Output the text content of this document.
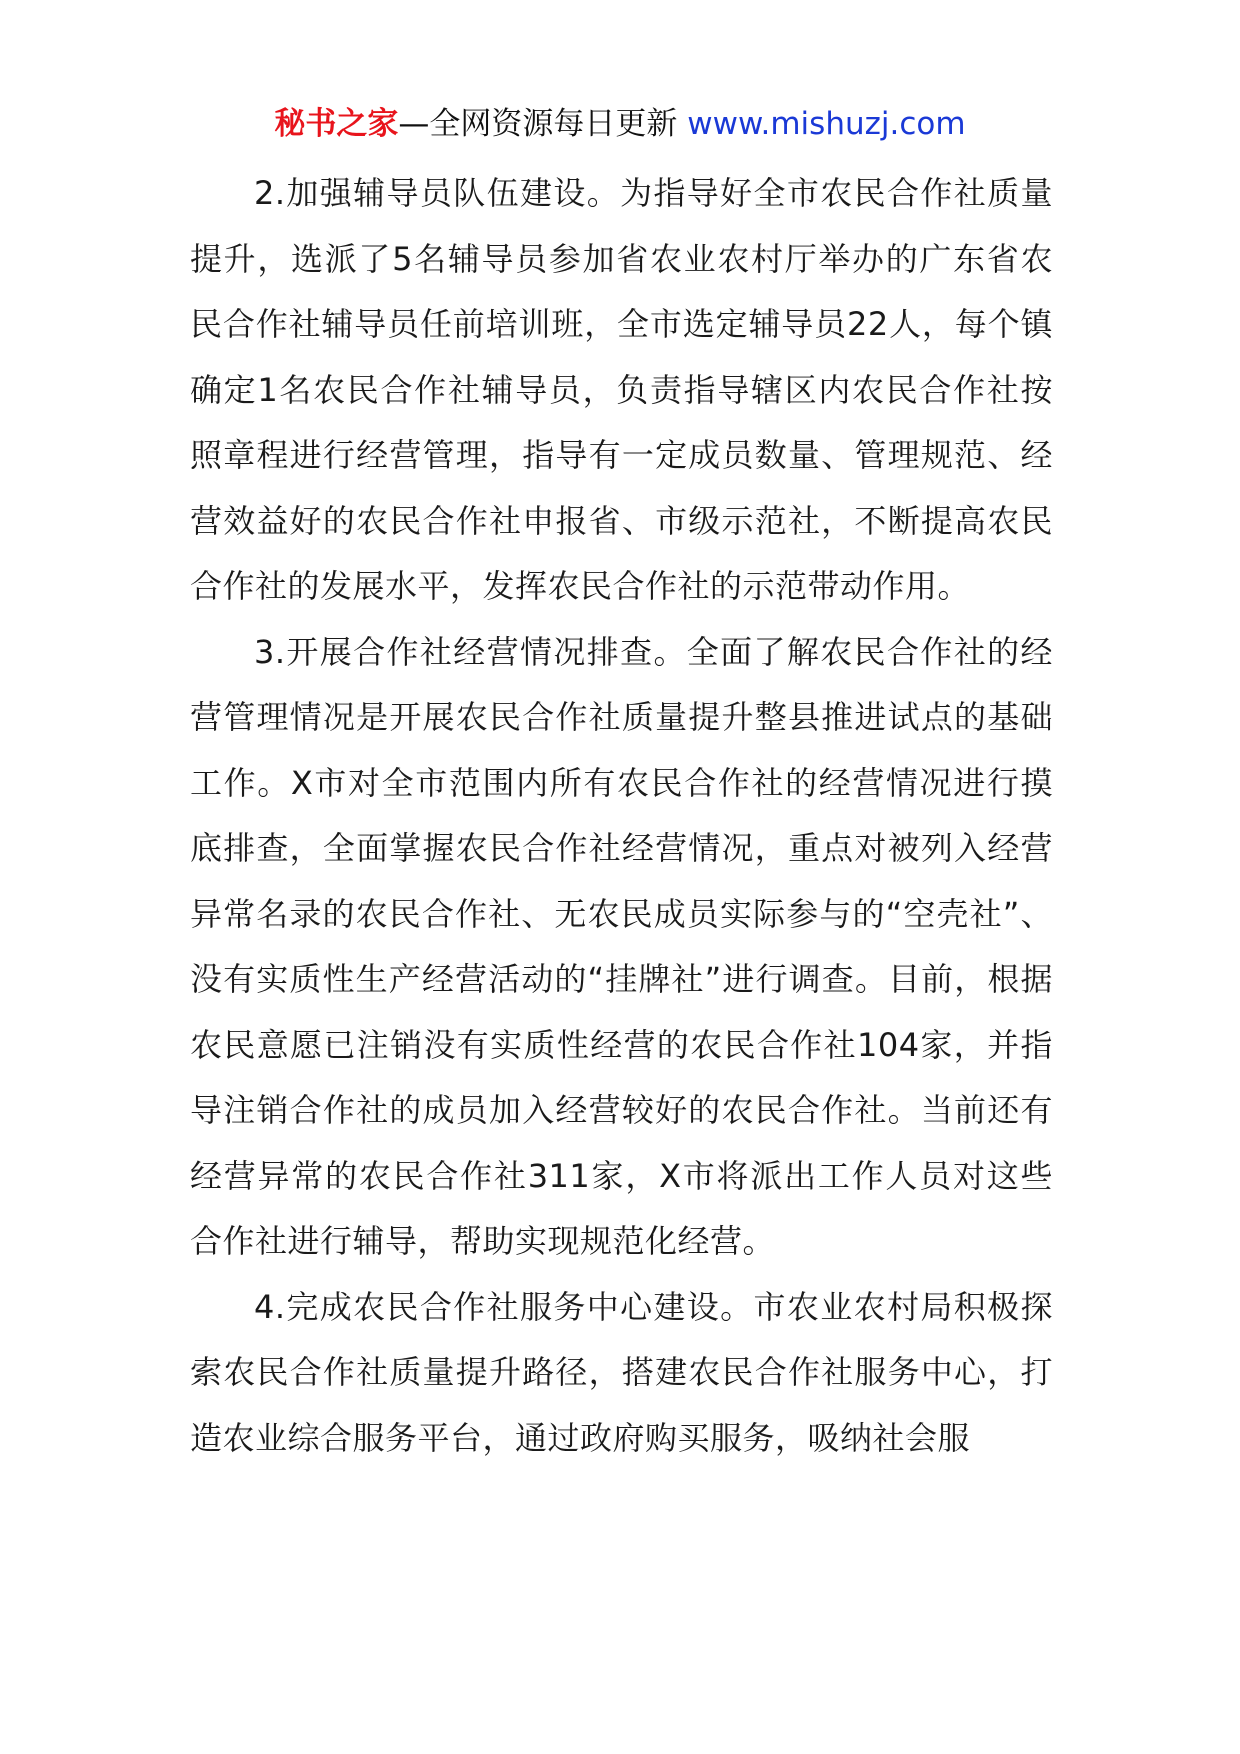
秘书之家—全网资源每日更新 www.mishuzj.com

2.加强辅导员队伍建设。为指导好全市农民合作社质量提升，选派了5名辅导员参加省农业农村厅举办的广东省农民合作社辅导员任前培训班，全市选定辅导员22人，每个镇确定1名农民合作社辅导员，负责指导辖区内农民合作社按照章程进行经营管理，指导有一定成员数量、管理规范、经营效益好的农民合作社申报省、市级示范社，不断提高农民合作社的发展水平，发挥农民合作社的示范带动作用。

3.开展合作社经营情况排查。全面了解农民合作社的经营管理情况是开展农民合作社质量提升整县推进试点的基础工作。X市对全市范围内所有农民合作社的经营情况进行摸底排查，全面掌握农民合作社经营情况，重点对被列入经营异常名录的农民合作社、无农民成员实际参与的“空壳社”、没有实质性生产经营活动的“挂牌社”进行调查。目前，根据农民意愿已注销没有实质性经营的农民合作社104家，并指导注销合作社的成员加入经营较好的农民合作社。当前还有经营异常的农民合作社311家，X市将派出工作人员对这些合作社进行辅导，帮助实现规范化经营。

4.完成农民合作社服务中心建设。市农业农村局积极探索农民合作社质量提升路径，搭建农民合作社服务中心，打造农业综合服务平台，通过政府购买服务，吸纳社会服
